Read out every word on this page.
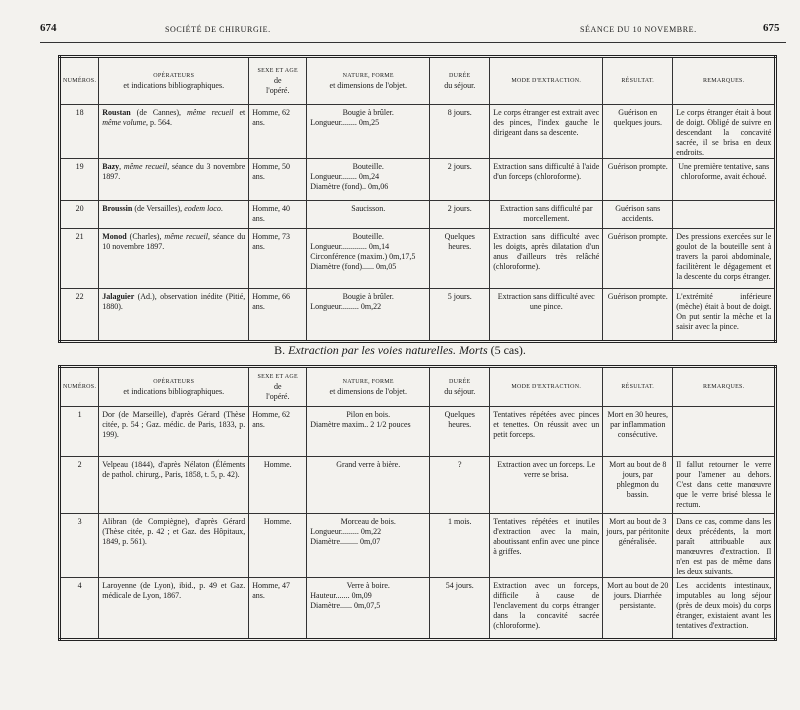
674	SOCIÉTÉ DE CHIRURGIE.	SÉANCE DU 10 NOVEMBRE.	675
NUMÉROS.	OPÉRATEURS
et indications bibliographiques.	SEXE ET AGE
de
l'opéré.	NATURE, FORME
et dimensions de l'objet.	DURÉE
du séjour.	MODE D'EXTRACTION.	RÉSULTAT.	REMARQUES.
18	Roustan (de Cannes), même recueil et même volume, p. 564.	Homme, 62 ans.	Bougie à brûler.
Longueur........ 0m,25	8 jours.	Le corps étranger est extrait avec des pinces, l'index gauche le dirigeant dans sa descente.	Guérison en quelques jours.	Le corps étranger était à bout de doigt. Obligé de suivre en descendant la concavité sacrée, il se brisa en deux endroits.
19	Bazy, même recueil, séance du 3 novembre 1897.	Homme, 50 ans.	Bouteille.
Longueur........ 0m,24
Diamètre (fond).. 0m,06	2 jours.	Extraction sans difficulté à l'aide d'un forceps (chloroforme).	Guérison prompte.	Une première tentative, sans chloroforme, avait échoué.
20	Broussin (de Versailles), eodem loco.	Homme, 40 ans.	Saucisson.	2 jours.	Extraction sans difficulté par morcellement.	Guérison sans accidents.	
21	Monod (Charles), même recueil, séance du 10 novembre 1897.	Homme, 73 ans.	Bouteille.
Longueur............. 0m,14
Circonférence (maxim.) 0m,17,5
Diamètre (fond)...... 0m,05	Quelques heures.	Extraction sans difficulté avec les doigts, après dilatation d'un anus d'ailleurs très relâché (chloroforme).	Guérison prompte.	Des pressions exercées sur le goulot de la bouteille sent à travers la paroi abdominale, facilitèrent le dégagement et la descente du corps étranger.
22	Jalaguier (Ad.), observation inédite (Pitié, 1880).	Homme, 66 ans.	Bougie à brûler.
Longueur......... 0m,22	5 jours.	Extraction sans difficulté avec une pince.	Guérison prompte.	L'extrémité inférieure (mèche) était à bout de doigt. On put sentir la mèche et la saisir avec la pince.
B. Extraction par les voies naturelles. Morts (5 cas).
NUMÉROS.	OPÉRATEURS
et indications bibliographiques.	SEXE ET AGE
de
l'opéré.	NATURE, FORME
et dimensions de l'objet.	DURÉE
du séjour.	MODE D'EXTRACTION.	RÉSULTAT.	REMARQUES.
1	Dor (de Marseille), d'après Gérard (Thèse citée, p. 54 ; Gaz. médic. de Paris, 1833, p. 199).	Homme, 62 ans.	Pilon en bois.
Diamètre maxim.. 2 1/2 pouces	Quelques heures.	Tentatives répétées avec pinces et tenettes. On réussit avec un petit forceps.	Mort en 30 heures, par inflammation consécutive.	
2	Velpeau (1844), d'après Nélaton (Éléments de pathol. chirurg., Paris, 1858, t. 5, p. 42).	Homme.	Grand verre à bière.	?	Extraction avec un forceps. Le verre se brisa.	Mort au bout de 8 jours, par phlegmon du bassin.	Il fallut retourner le verre pour l'amener au dehors. C'est dans cette manœuvre que le verre brisé blessa le rectum.
3	Alibran (de Compiègne), d'après Gérard (Thèse citée, p. 42 ; et Gaz. des Hôpitaux, 1849, p. 561).	Homme.	Morceau de bois.
Longueur......... 0m,22
Diamètre......... 0m,07	1 mois.	Tentatives répétées et inutiles d'extraction avec la main, aboutissant enfin avec une pince à griffes.	Mort au bout de 3 jours, par péritonite généralisée.	Dans ce cas, comme dans les deux précédents, la mort paraît attribuable aux manœuvres d'extraction. Il n'en est pas de même dans les deux suivants.
4	Laroyenne (de Lyon), ibid., p. 49 et Gaz. médicale de Lyon, 1867.	Homme, 47 ans.	Verre à boire.
Hauteur....... 0m,09
Diamètre...... 0m,07,5	54 jours.	Extraction avec un forceps, difficile à cause de l'enclavement du corps étranger dans la concavité sacrée (chloroforme).	Mort au bout de 20 jours. Diarrhée persistante.	Les accidents intestinaux, imputables au long séjour (près de deux mois) du corps étranger, existaient avant les tentatives d'extraction.
